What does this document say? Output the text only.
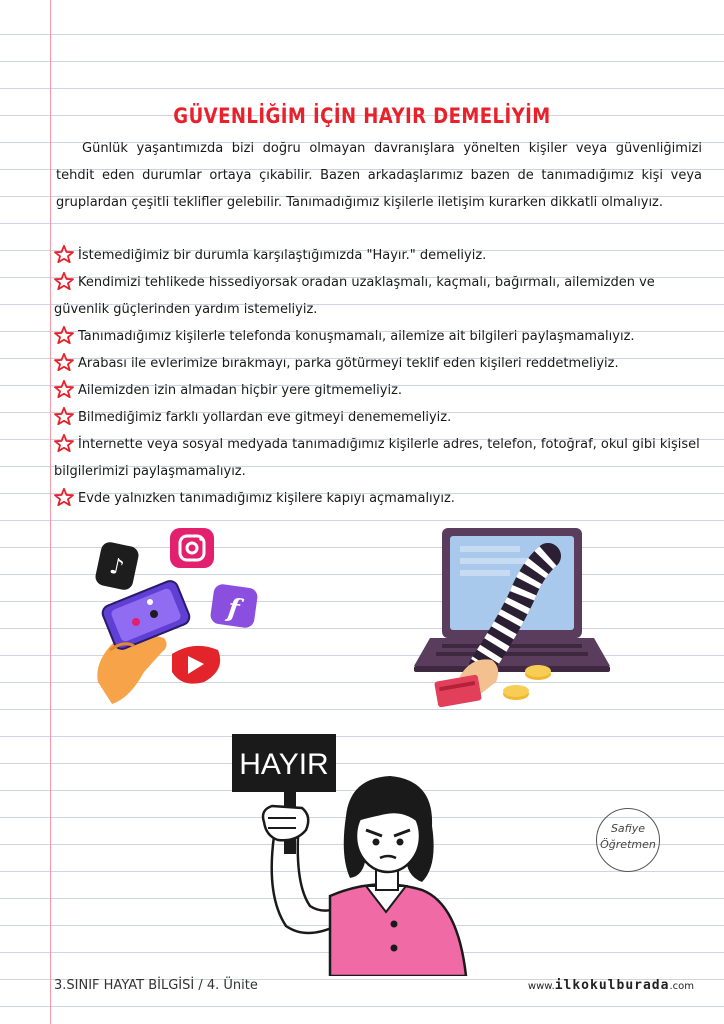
GÜVENLİĞİM İÇİN HAYIR DEMELİYİM

Günlük yaşantımızda bizi doğru olmayan davranışlara yönelten kişiler veya güvenliğimizi tehdit eden durumlar ortaya çıkabilir. Bazen arkadaşlarımız bazen de tanımadığımız kişi veya gruplardan çeşitli teklifler gelebilir. Tanımadığımız kişilerle iletişim kurarken dikkatli olmalıyız.

İstemediğimiz bir durumla karşılaştığımızda "Hayır." demeliyiz.
Kendimizi tehlikede hissediyorsak oradan uzaklaşmalı, kaçmalı, bağırmalı, ailemizden ve güvenlik güçlerinden yardım istemeliyiz.
Tanımadığımız kişilerle telefonda konuşmamalı, ailemize ait bilgileri paylaşmamalıyız.
Arabası ile evlerimize bırakmayı, parka götürmeyi teklif eden kişileri reddetmeliyiz.
Ailemizden izin almadan hiçbir yere gitmemeliyiz.
Bilmediğimiz farklı yollardan eve gitmeyi denememeliyiz.
İnternette veya sosyal medyada tanımadığımız kişilerle adres, telefon, fotoğraf, okul gibi kişisel bilgilerimizi paylaşmamalıyız.
Evde yalnızken tanımadığımız kişilere kapıyı açmamalıyız.
♪
f
HAYIR
Safiye
Öğretmen
3.SINIF HAYAT BİLGİSİ / 4. Ünite	www.ilkokulburada.com
